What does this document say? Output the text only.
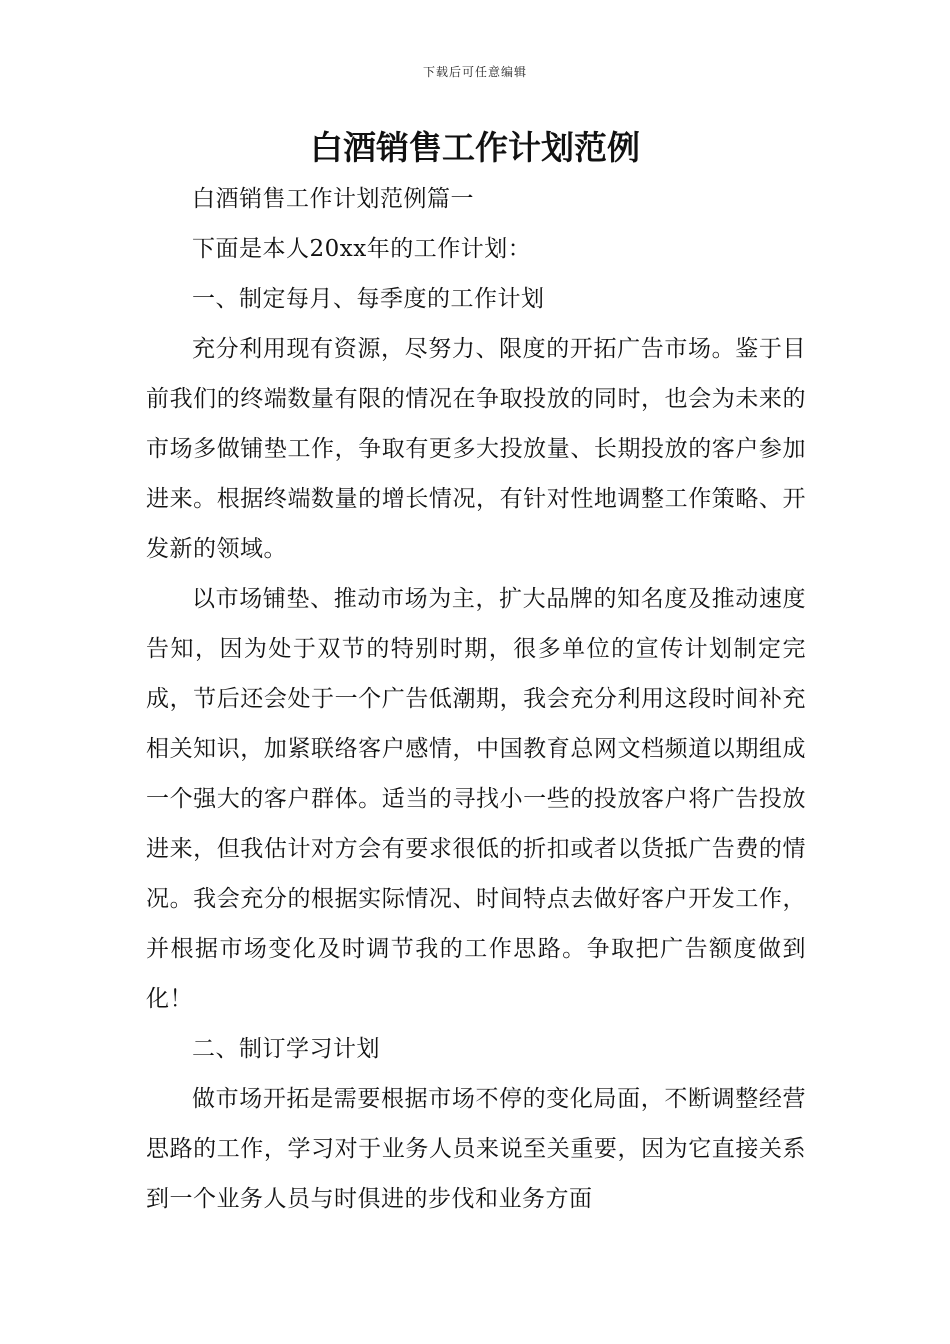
下载后可任意编辑
白酒销售工作计划范例

白酒销售工作计划范例篇一

下面是本人20xx年的工作计划：

一、制定每月、每季度的工作计划

充分利用现有资源，尽努力、限度的开拓广告市场。鉴于目前我们的终端数量有限的情况在争取投放的同时，也会为未来的市场多做铺垫工作，争取有更多大投放量、长期投放的客户参加进来。根据终端数量的增长情况，有针对性地调整工作策略、开发新的领域。

以市场铺垫、推动市场为主，扩大品牌的知名度及推动速度告知，因为处于双节的特别时期，很多单位的宣传计划制定完成，节后还会处于一个广告低潮期，我会充分利用这段时间补充相关知识，加紧联络客户感情，中国教育总网文档频道以期组成一个强大的客户群体。适当的寻找小一些的投放客户将广告投放进来，但我估计对方会有要求很低的折扣或者以货抵广告费的情况。我会充分的根据实际情况、时间特点去做好客户开发工作，并根据市场变化及时调节我的工作思路。争取把广告额度做到化！

二、制订学习计划

做市场开拓是需要根据市场不停的变化局面，不断调整经营思路的工作，学习对于业务人员来说至关重要，因为它直接关系到一个业务人员与时俱进的步伐和业务方面
